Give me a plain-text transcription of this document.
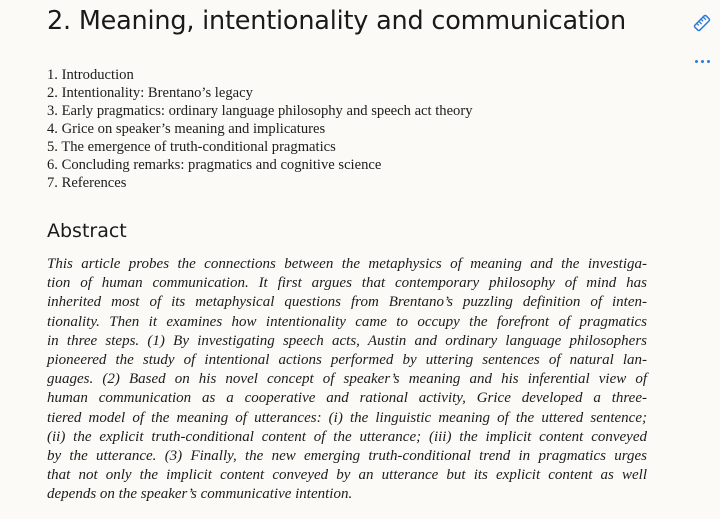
2. Meaning, intentionality and communication
1. Introduction
2. Intentionality: Brentano’s legacy
3. Early pragmatics: ordinary language philosophy and speech act theory
4. Grice on speaker’s meaning and implicatures
5. The emergence of truth-conditional pragmatics
6. Concluding remarks: pragmatics and cognitive science
7. References
Abstract
This article probes the connections between the metaphysics of meaning and the investiga-
tion of human communication. It first argues that contemporary philosophy of mind has
inherited most of its metaphysical questions from Brentano’s puzzling definition of inten-
tionality. Then it examines how intentionality came to occupy the forefront of pragmatics
in three steps. (1) By investigating speech acts, Austin and ordinary language philosophers
pioneered the study of intentional actions performed by uttering sentences of natural lan-
guages. (2) Based on his novel concept of speaker’s meaning and his inferential view of
human communication as a cooperative and rational activity, Grice developed a three-
tiered model of the meaning of utterances: (i) the linguistic meaning of the uttered sentence;
(ii) the explicit truth-conditional content of the utterance; (iii) the implicit content conveyed
by the utterance. (3) Finally, the new emerging truth-conditional trend in pragmatics urges
that not only the implicit content conveyed by an utterance but its explicit content as well
depends on the speaker’s communicative intention.
